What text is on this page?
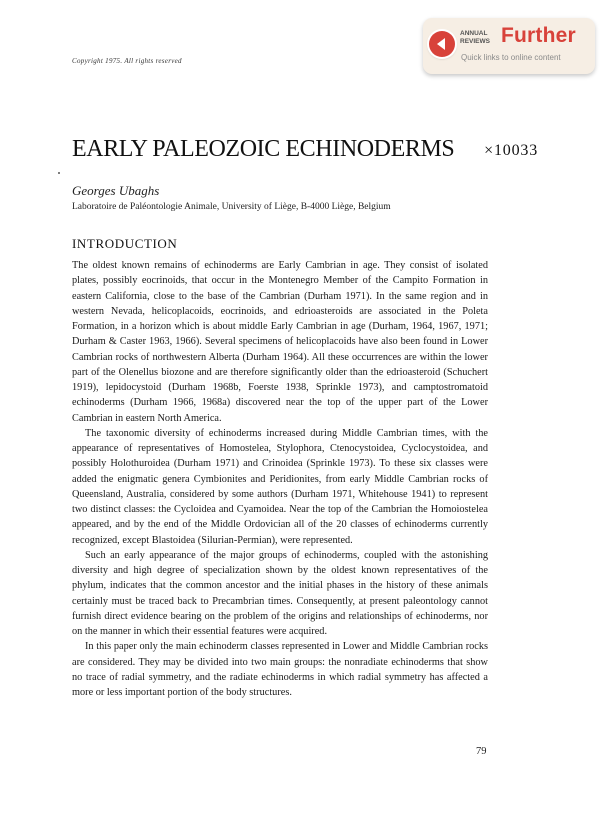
Copyright 1975. All rights reserved
ANNUAL
REVIEWS Further
Quick links to online content
EARLY PALEOZOIC ECHINODERMS ×10033
Georges Ubaghs
Laboratoire de Paléontologie Animale, University of Liège, B-4000 Liège, Belgium
INTRODUCTION

The oldest known remains of echinoderms are Early Cambrian in age. They consist of isolated plates, possibly eocrinoids, that occur in the Montenegro Member of the Campito Formation in eastern California, close to the base of the Cambrian (Durham 1971). In the same region and in western Nevada, helicoplacoids, eocrinoids, and edrioasteroids are associated in the Poleta Formation, in a horizon which is about middle Early Cambrian in age (Durham, 1964, 1967, 1971; Durham & Caster 1963, 1966). Several specimens of helicoplacoids have also been found in Lower Cambrian rocks of northwestern Alberta (Durham 1964). All these occurrences are within the lower part of the Olenellus biozone and are therefore significantly older than the edrioasteroid (Schuchert 1919), lepidocystoid (Durham 1968b, Foerste 1938, Sprinkle 1973), and camptostromatoid echinoderms (Durham 1966, 1968a) discovered near the top of the upper part of the Lower Cambrian in eastern North America.

The taxonomic diversity of echinoderms increased during Middle Cambrian times, with the appearance of representatives of Homostelea, Stylophora, Ctenocystoidea, Cyclocystoidea, and possibly Holothuroidea (Durham 1971) and Crinoidea (Sprinkle 1973). To these six classes were added the enigmatic genera Cymbionites and Peridionites, from early Middle Cambrian rocks of Queensland, Australia, considered by some authors (Durham 1971, Whitehouse 1941) to represent two distinct classes: the Cycloidea and Cyamoidea. Near the top of the Cambrian the Homoiostelea appeared, and by the end of the Middle Ordovician all of the 20 classes of echinoderms currently recognized, except Blastoidea (Silurian-Permian), were represented.

Such an early appearance of the major groups of echinoderms, coupled with the astonishing diversity and high degree of specialization shown by the oldest known representatives of the phylum, indicates that the common ancestor and the initial phases in the history of these animals certainly must be traced back to Precambrian times. Consequently, at present paleontology cannot furnish direct evidence bearing on the problem of the origins and relationships of echinoderms, nor on the manner in which their essential features were acquired.

In this paper only the main echinoderm classes represented in Lower and Middle Cambrian rocks are considered. They may be divided into two main groups: the nonradiate echinoderms that show no trace of radial symmetry, and the radiate echinoderms in which radial symmetry has affected a more or less important portion of the body structures.

79
